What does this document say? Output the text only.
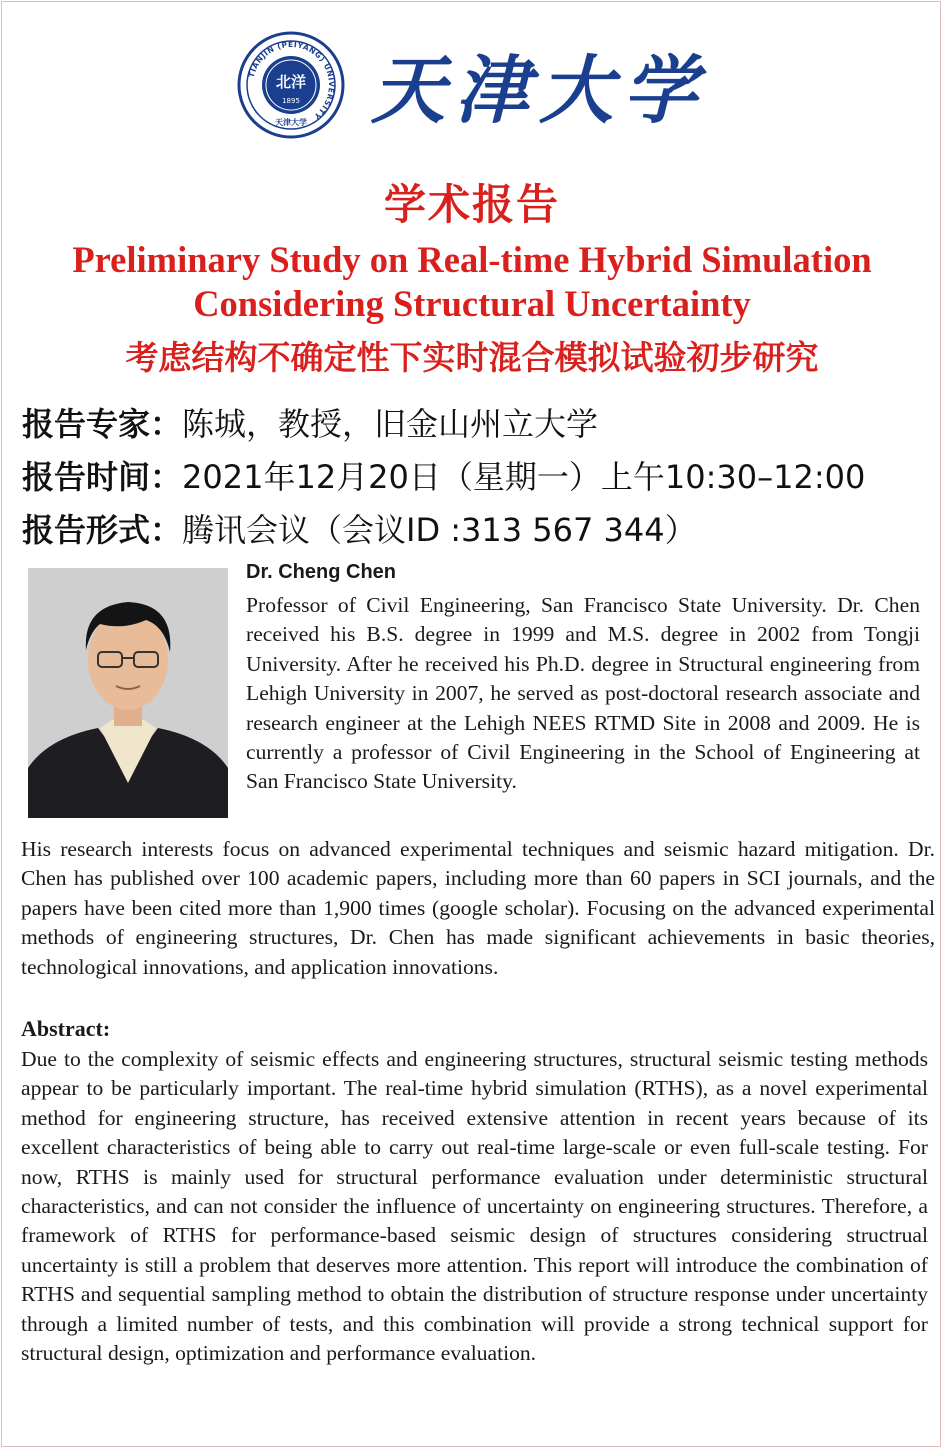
TIANJIN (PEIYANG) UNIVERSITY
北洋
1895
天津大学 天津大学
学术报告
Preliminary Study on Real-time Hybrid Simulation
Considering Structural Uncertainty
考虑结构不确定性下实时混合模拟试验初步研究
报告专家：陈城，教授，旧金山州立大学
报告时间：2021年12月20日（星期一）上午10:30–12:00
报告形式：腾讯会议（会议ID :313 567 344）
Dr. Cheng Chen
Professor of Civil Engineering, San Francisco State University. Dr. Chen received his B.S. degree in 1999 and M.S. degree in 2002 from Tongji University. After he received his Ph.D. degree in Structural engineering from Lehigh University in 2007, he served as post-doctoral research associate and research engineer at the Lehigh NEES RTMD Site in 2008 and 2009. He is currently a professor of Civil Engineering in the School of Engineering at San Francisco State University.
His research interests focus on advanced experimental techniques and seismic hazard mitigation. Dr. Chen has published over 100 academic papers, including more than 60 papers in SCI journals, and the papers have been cited more than 1,900 times (google scholar). Focusing on the advanced experimental methods of engineering structures, Dr. Chen has made significant achievements in basic theories, technological innovations, and application innovations.
Abstract:
Due to the complexity of seismic effects and engineering structures, structural seismic testing methods appear to be particularly important. The real-time hybrid simulation (RTHS), as a novel experimental method for engineering structure, has received extensive attention in recent years because of its excellent characteristics of being able to carry out real-time large-scale or even full-scale testing. For now, RTHS is mainly used for structural performance evaluation under deterministic structural characteristics, and can not consider the influence of uncertainty on engineering structures. Therefore, a framework of RTHS for performance-based seismic design of structures considering structrual uncertainty is still a problem that deserves more attention. This report will introduce the combination of RTHS and sequential sampling method to obtain the distribution of structure response under uncertainty through a limited number of tests, and this combination will provide a strong technical support for structural design, optimization and performance evaluation.
